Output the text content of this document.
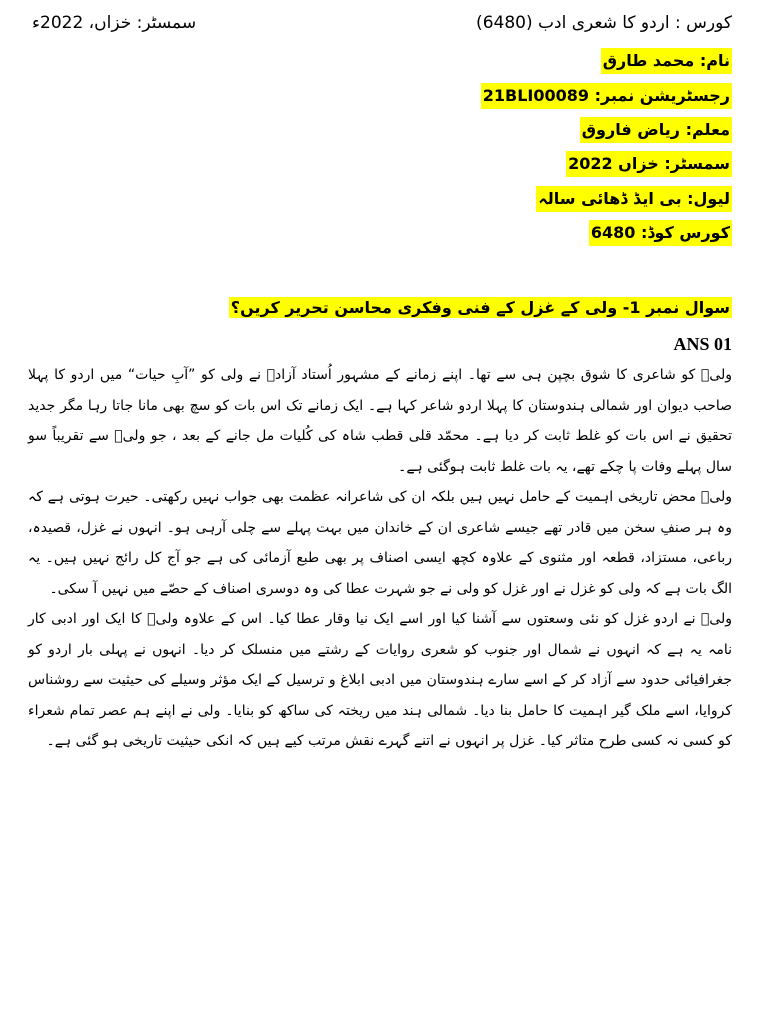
کورس : اردو کا شعری ادب (6480)
سمسٹر: خزاں، 2022ء
نام: محمد طارق
رجسٹریشن نمبر: 21BLI00089
معلم: ریاض فاروق
سمسٹر: خزاں 2022
لیول: بی ایڈ ڈھائی سالہ
کورس کوڈ: 6480
سوال نمبر 1- ولی کے غزل کے فنی وفکری محاسن تحریر کریں؟
ANS 01

ولیؔ کو شاعری کا شوق بچپن ہی سے تھا۔ اپنے زمانے کے مشہور اُستاد آزادؔ نے ولی کو ”آبِ حیات“ میں اردو کا پہلا صاحب دیوان اور شمالی ہندوستان کا پہلا اردو شاعر کہا ہے۔ ایک زمانے تک اس بات کو سچ بھی مانا جاتا رہا مگر جدید تحقیق نے اس بات کو غلط ثابت کر دیا ہے۔ محمّد قلی قطب شاہ کی کُلیات مل جانے کے بعد ، جو ولیؔ سے تقریباً سو سال پہلے وفات پا چکے تھے، یہ بات غلط ثابت ہوگئی ہے۔

ولیؔ محض تاریخی اہمیت کے حامل نہیں ہیں بلکہ ان کی شاعرانہ عظمت بھی جواب نہیں رکھتی۔ حیرت ہوتی ہے کہ وہ ہر صنفِ سخن میں قادر تھے جیسے شاعری ان کے خاندان میں بہت پہلے سے چلی آرہی ہو۔ انہوں نے غزل، قصیدہ، رباعی، مستزاد، قطعہ اور مثنوی کے علاوہ کچھ ایسی اصناف پر بھی طبع آزمائی کی ہے جو آج کل رائج نہیں ہیں۔ یہ الگ بات ہے کہ ولی کو غزل نے اور غزل کو ولی نے جو شہرت عطا کی وہ دوسری اصناف کے حصّے میں نہیں آ سکی۔

ولیؔ نے اردو غزل کو نئی وسعتوں سے آشنا کیا اور اسے ایک نیا وقار عطا کیا۔ اس کے علاوہ ولیؔ کا ایک اور ادبی کار نامہ یہ ہے کہ انہوں نے شمال اور جنوب کو شعری روایات کے رشتے میں منسلک کر دیا۔ انہوں نے پہلی بار اردو کو جغرافیائی حدود سے آزاد کر کے اسے سارے ہندوستان میں ادبی ابلاغ و ترسیل کے ایک مؤثر وسیلے کی حیثیت سے روشناس کروایا، اسے ملک گیر اہمیت کا حامل بنا دیا۔ شمالی ہند میں ریختہ کی ساکھ کو بنایا۔ ولی نے اپنے ہم عصر تمام شعراء کو کسی نہ کسی طرح متاثر کیا۔ غزل پر انہوں نے اتنے گہرے نقش مرتب کیے ہیں کہ انکی حیثیت تاریخی ہو گئی ہے۔
